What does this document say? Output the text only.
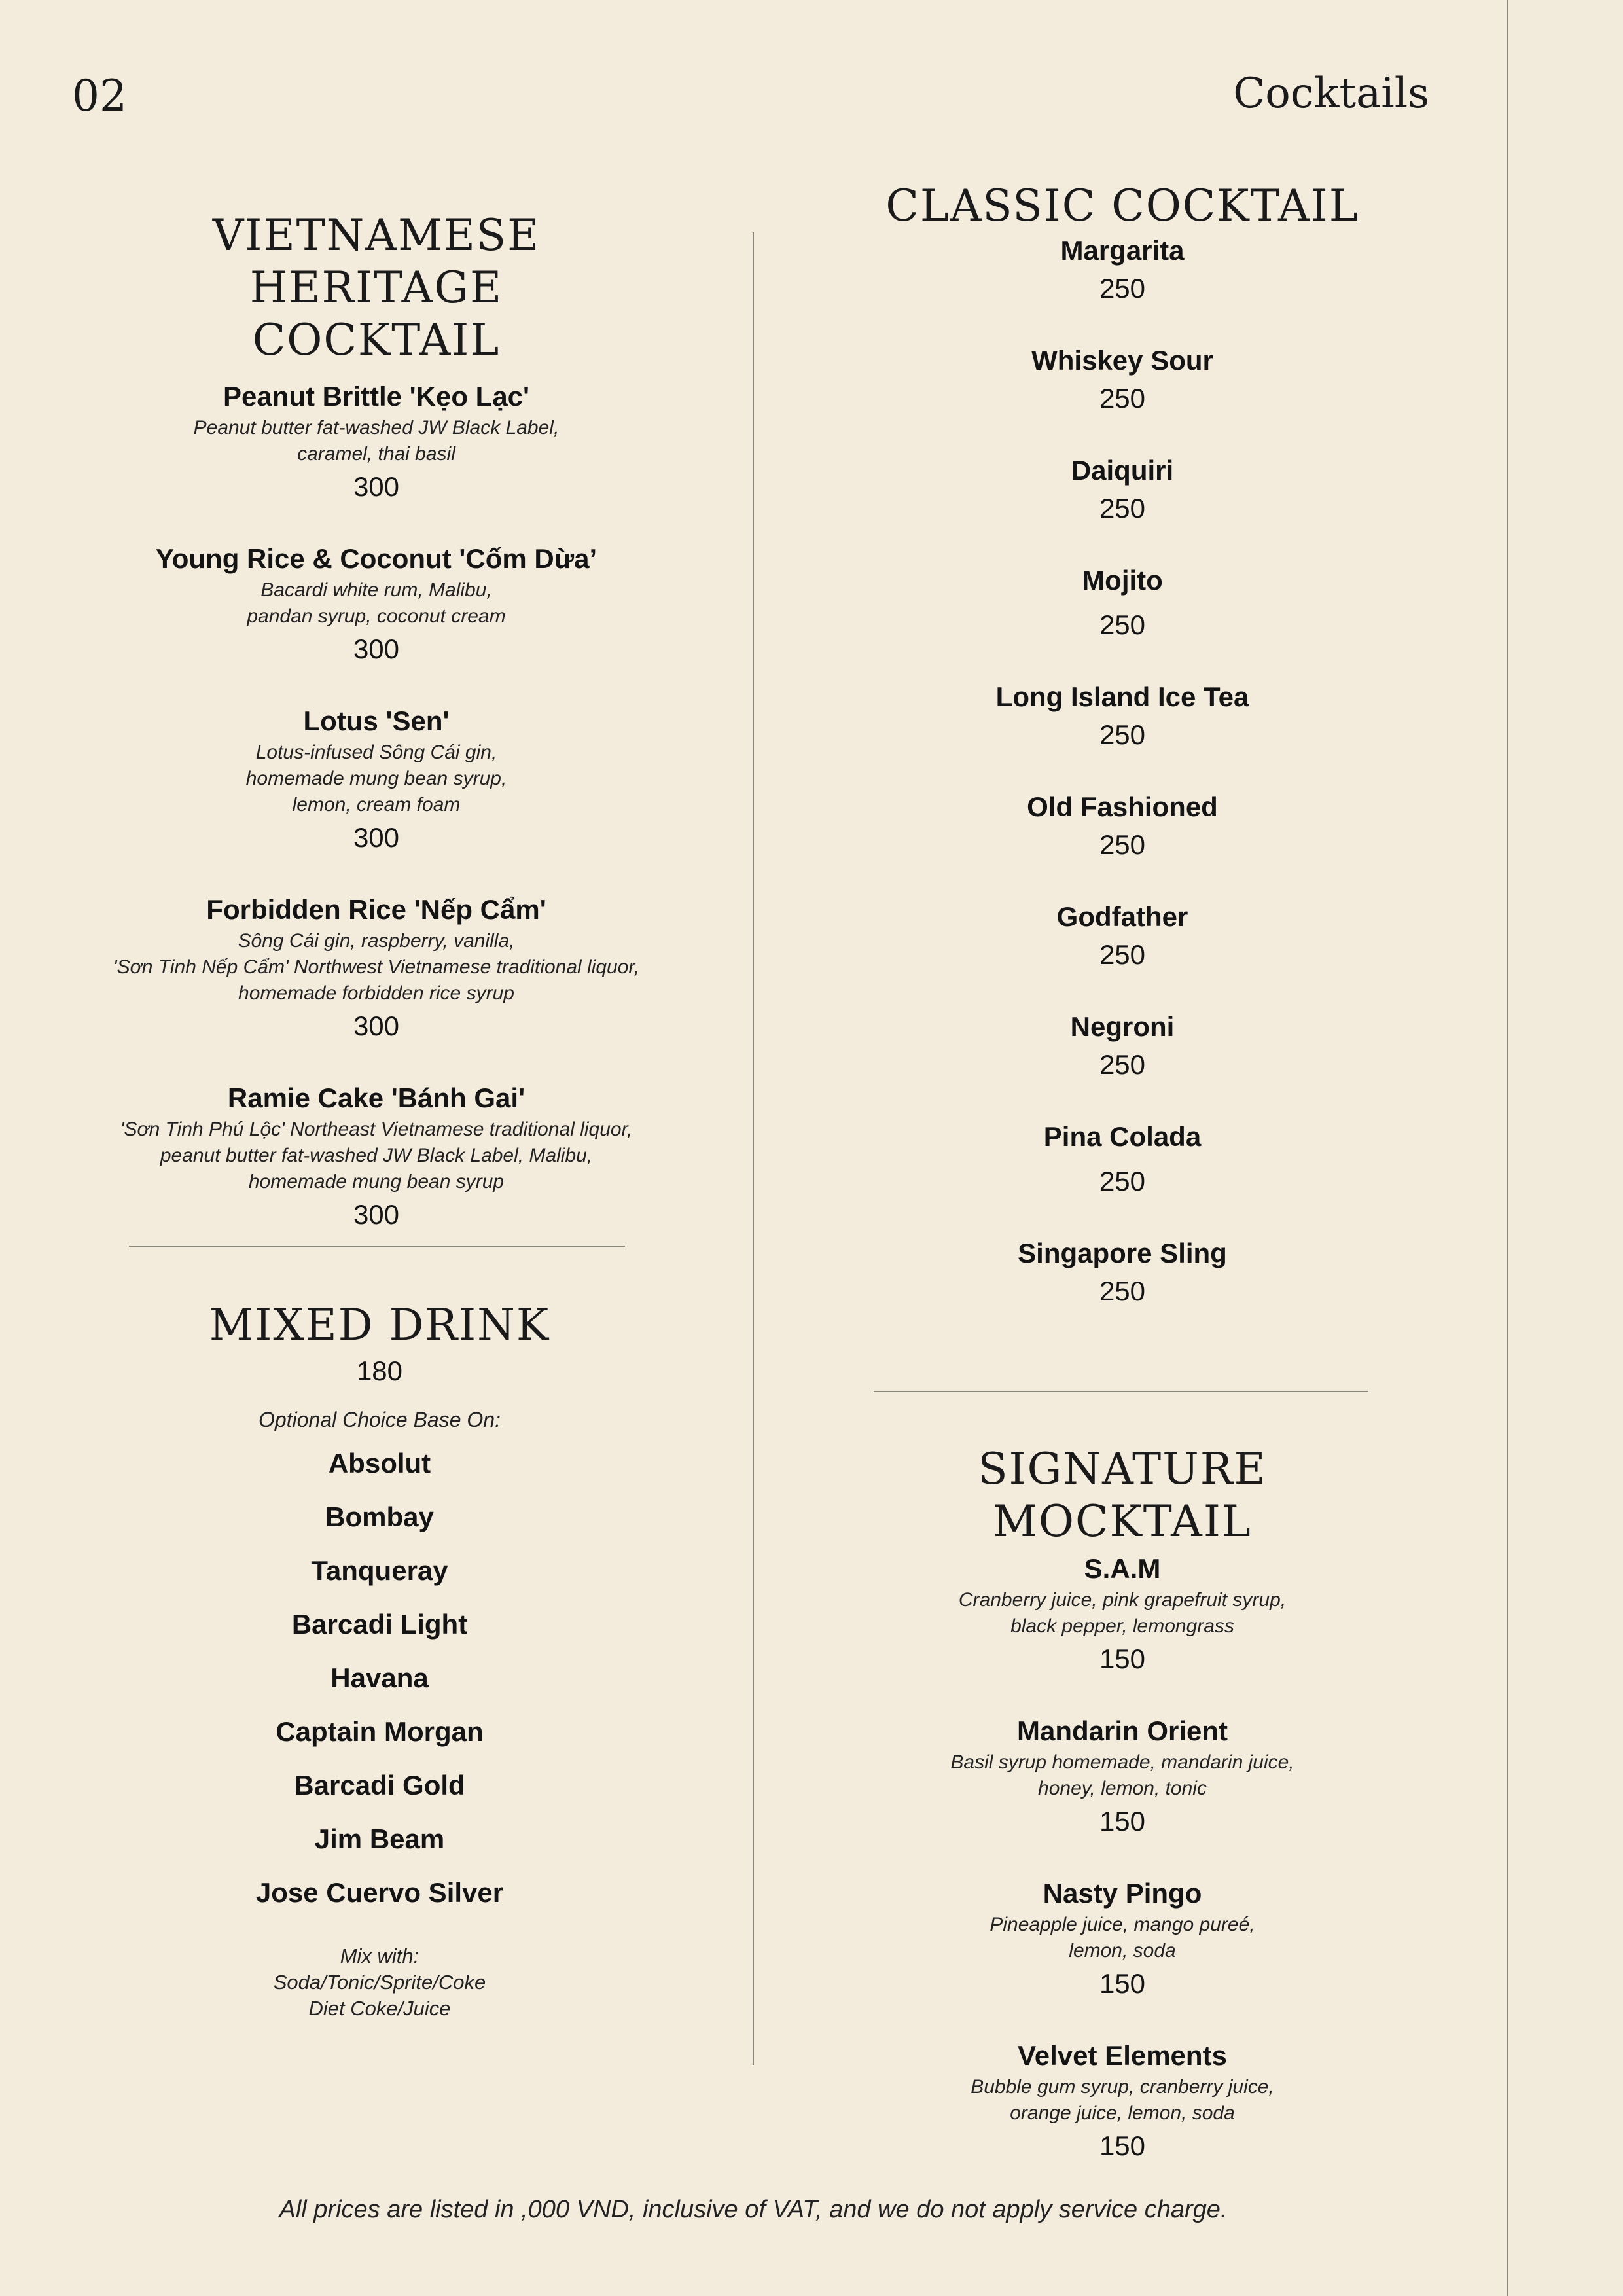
02	Cocktails
VIETNAMESE HERITAGE COCKTAIL
Peanut Brittle 'Kẹo Lạc'
Peanut butter fat-washed JW Black Label,
caramel, thai basil
300
Young Rice & Coconut 'Cốm Dừa’
Bacardi white rum, Malibu,
pandan syrup, coconut cream
300
Lotus 'Sen'
Lotus-infused Sông Cái gin,
homemade mung bean syrup,
lemon, cream foam
300
Forbidden Rice 'Nếp Cẩm'
Sông Cái gin, raspberry, vanilla,
'Sơn Tinh Nếp Cẩm' Northwest Vietnamese traditional liquor,
homemade forbidden rice syrup
300
Ramie Cake 'Bánh Gai'
'Sơn Tinh Phú Lộc' Northeast Vietnamese traditional liquor,
peanut butter fat-washed JW Black Label, Malibu,
homemade mung bean syrup
300
MIXED DRINK
180
Optional Choice Base On:
Absolut
Bombay
Tanqueray
Barcadi Light
Havana
Captain Morgan
Barcadi Gold
Jim Beam
Jose Cuervo Silver
Mix with:
Soda/Tonic/Sprite/Coke
Diet Coke/Juice
CLASSIC COCKTAIL
Margarita
250
Whiskey Sour
250
Daiquiri
250
Mojito
250
Long Island Ice Tea
250
Old Fashioned
250
Godfather
250
Negroni
250
Pina Colada
250
Singapore Sling
250
SIGNATURE MOCKTAIL
S.A.M
Cranberry juice, pink grapefruit syrup,
black pepper, lemongrass
150
Mandarin Orient
Basil syrup homemade, mandarin juice,
honey, lemon, tonic
150
Nasty Pingo
Pineapple juice, mango pureé,
lemon, soda
150
Velvet Elements
Bubble gum syrup, cranberry juice,
orange juice, lemon, soda
150
All prices are listed in ,000 VND, inclusive of VAT, and we do not apply service charge.
